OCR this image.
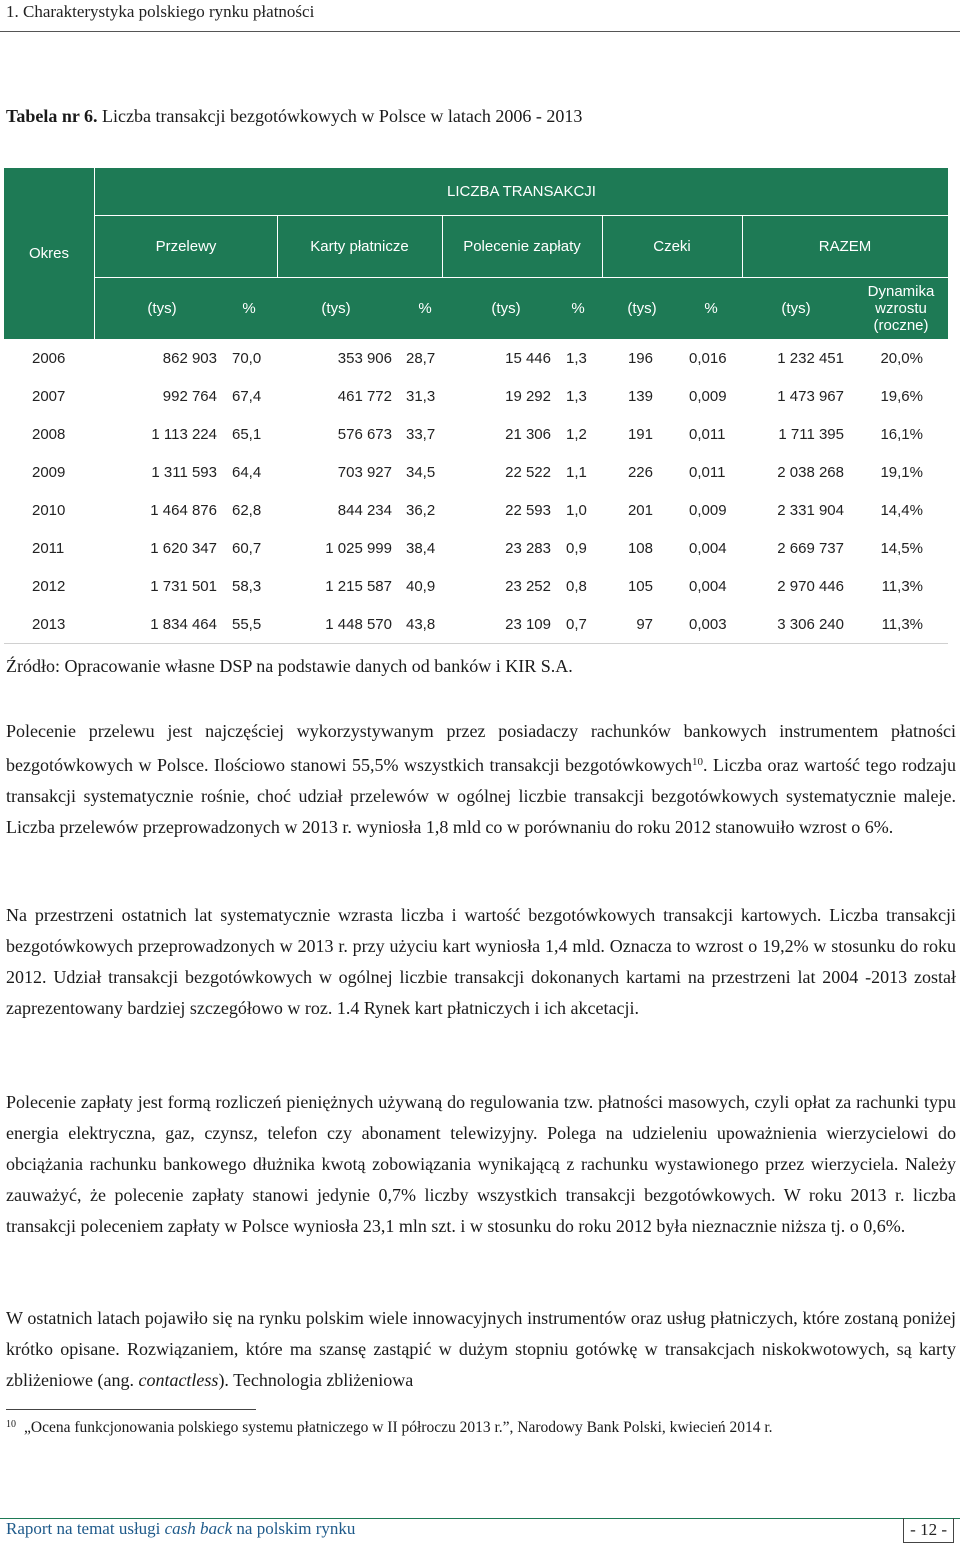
1. Charakterystyka polskiego rynku płatności
Tabela nr 6. Liczba transakcji bezgotówkowych w Polsce w latach 2006 - 2013
Okres
LICZBA TRANSAKCJI
Przelewy	Karty płatnicze	Polecenie zapłaty	Czeki	RAZEM
(tys)	%	(tys)	%	(tys)	%	(tys)	%	(tys)
Dynamika wzrostu (roczne)
2006	862 903 70,0	353 906 28,7	15 446 1,3	196 0,016	1 232 451 20,0%
2007	992 764 67,4	461 772 31,3	19 292 1,3	139 0,009	1 473 967 19,6%
2008	1 113 224 65,1	576 673 33,7	21 306 1,2	191 0,011	1 711 395 16,1%
2009	1 311 593 64,4	703 927 34,5	22 522 1,1	226 0,011	2 038 268 19,1%
2010	1 464 876 62,8	844 234 36,2	22 593 1,0	201 0,009	2 331 904 14,4%
2011	1 620 347 60,7	1 025 999 38,4	23 283 0,9	108 0,004	2 669 737 14,5%
2012	1 731 501 58,3	1 215 587 40,9	23 252 0,8	105 0,004	2 970 446	11,3%
2013	1 834 464 55,5	1 448 570 43,8	23 109 0,7	97 0,003	3 306 240	11,3%
Źródło: Opracowanie własne DSP na podstawie danych od banków i KIR S.A.

Polecenie przelewu jest najczęściej wykorzystywanym przez posiadaczy rachunków bankowych instrumentem płatności bezgotówkowych w Polsce. Ilościowo stanowi 55,5% wszystkich transakcji bezgotówkowych$^{10}$. Liczba oraz wartość tego rodzaju transakcji systematycznie rośnie, choć udział przelewów w ogólnej liczbie transakcji bezgotówkowych systematycznie maleje. Liczba przelewów przeprowadzonych w 2013 r. wyniosła 1,8 mld co w porównaniu do roku 2012 stanowuiło wzrost o 6%.

Na przestrzeni ostatnich lat systematycznie wzrasta liczba i wartość bezgotówkowych transakcji kartowych. Liczba transakcji bezgotówkowych przeprowadzonych w 2013 r. przy użyciu kart wyniosła 1,4 mld. Oznacza to wzrost o 19,2% w stosunku do roku 2012. Udział transakcji bezgotówkowych w ogólnej liczbie transakcji dokonanych kartami na przestrzeni lat 2004 -2013 został zaprezentowany bardziej szczegółowo w roz. 1.4 Rynek kart płatniczych i ich akcetacji.

Polecenie zapłaty jest formą rozliczeń pieniężnych używaną do regulowania tzw. płatności masowych, czyli opłat za rachunki typu energia elektryczna, gaz, czynsz, telefon czy abonament telewizyjny. Polega na udzieleniu upoważnienia wierzycielowi do obciążania rachunku bankowego dłużnika kwotą zobowiązania wynikającą z rachunku wystawionego przez wierzyciela. Należy zauważyć, że polecenie zapłaty stanowi jedynie 0,7% liczby wszystkich transakcji bezgotówkowych. W roku 2013 r. liczba transakcji poleceniem zapłaty w Polsce wyniosła 23,1 mln szt. i w stosunku do roku 2012 była nieznacznie niższa tj. o 0,6%.

W ostatnich latach pojawiło się na rynku polskim wiele innowacyjnych instrumentów oraz usług płatniczych, które zostaną poniżej krótko opisane. Rozwiązaniem, które ma szansę zastąpić w dużym stopniu gotówkę w transakcjach niskokwotowych, są karty zbliżeniowe (ang. contactless). Technologia zbliżeniowa

$^{10}$ „Ocena funkcjonowania polskiego systemu płatniczego w II półroczu 2013 r.”, Narodowy Bank Polski, kwiecień 2014 r.
Raport na temat usługi cash back na polskim rynku	- 12 -
